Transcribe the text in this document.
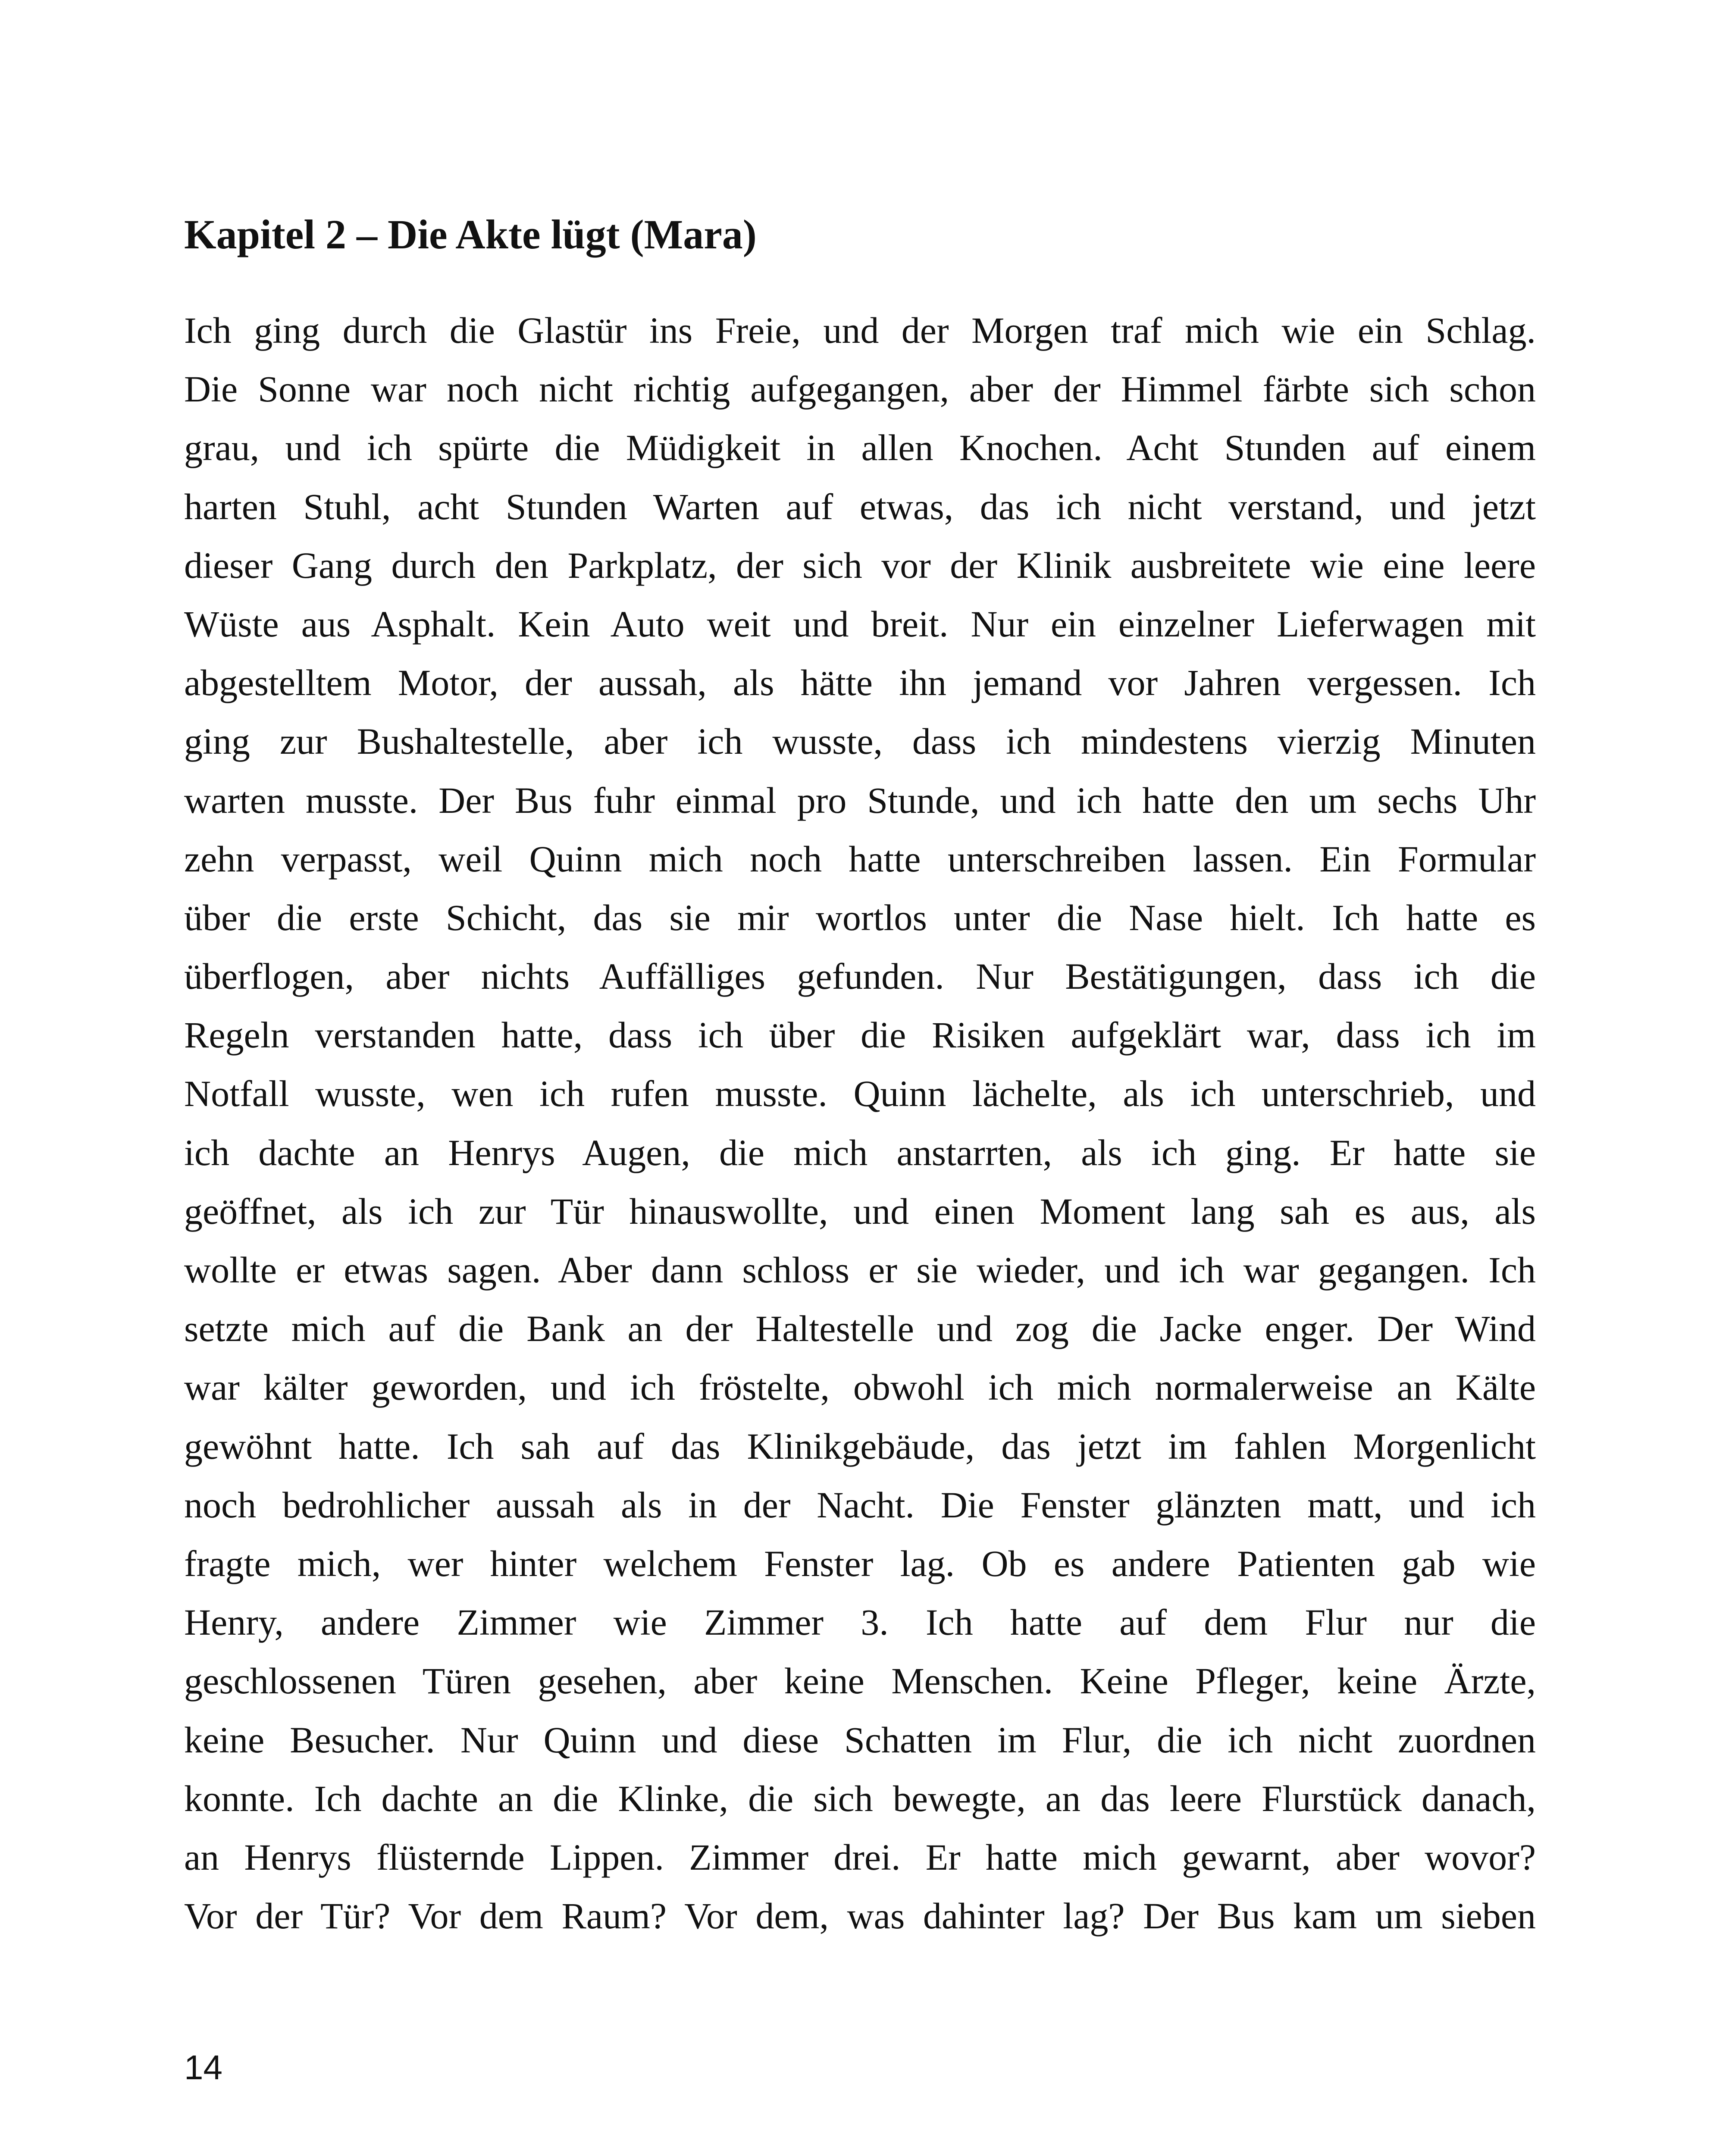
Kapitel 2 – Die Akte lügt (Mara)
Ich ging durch die Glastür ins Freie, und der Morgen traf mich wie ein Schlag.
Die Sonne war noch nicht richtig aufgegangen, aber der Himmel färbte sich schon
grau, und ich spürte die Müdigkeit in allen Knochen. Acht Stunden auf einem
harten Stuhl, acht Stunden Warten auf etwas, das ich nicht verstand, und jetzt
dieser Gang durch den Parkplatz, der sich vor der Klinik ausbreitete wie eine leere
Wüste aus Asphalt. Kein Auto weit und breit. Nur ein einzelner Lieferwagen mit
abgestelltem Motor, der aussah, als hätte ihn jemand vor Jahren vergessen. Ich
ging zur Bushaltestelle, aber ich wusste, dass ich mindestens vierzig Minuten
warten musste. Der Bus fuhr einmal pro Stunde, und ich hatte den um sechs Uhr
zehn verpasst, weil Quinn mich noch hatte unterschreiben lassen. Ein Formular
über die erste Schicht, das sie mir wortlos unter die Nase hielt. Ich hatte es
überflogen, aber nichts Auffälliges gefunden. Nur Bestätigungen, dass ich die
Regeln verstanden hatte, dass ich über die Risiken aufgeklärt war, dass ich im
Notfall wusste, wen ich rufen musste. Quinn lächelte, als ich unterschrieb, und
ich dachte an Henrys Augen, die mich anstarrten, als ich ging. Er hatte sie
geöffnet, als ich zur Tür hinauswollte, und einen Moment lang sah es aus, als
wollte er etwas sagen. Aber dann schloss er sie wieder, und ich war gegangen. Ich
setzte mich auf die Bank an der Haltestelle und zog die Jacke enger. Der Wind
war kälter geworden, und ich fröstelte, obwohl ich mich normalerweise an Kälte
gewöhnt hatte. Ich sah auf das Klinikgebäude, das jetzt im fahlen Morgenlicht
noch bedrohlicher aussah als in der Nacht. Die Fenster glänzten matt, und ich
fragte mich, wer hinter welchem Fenster lag. Ob es andere Patienten gab wie
Henry, andere Zimmer wie Zimmer 3. Ich hatte auf dem Flur nur die
geschlossenen Türen gesehen, aber keine Menschen. Keine Pfleger, keine Ärzte,
keine Besucher. Nur Quinn und diese Schatten im Flur, die ich nicht zuordnen
konnte. Ich dachte an die Klinke, die sich bewegte, an das leere Flurstück danach,
an Henrys flüsternde Lippen. Zimmer drei. Er hatte mich gewarnt, aber wovor?
Vor der Tür? Vor dem Raum? Vor dem, was dahinter lag? Der Bus kam um sieben
14
